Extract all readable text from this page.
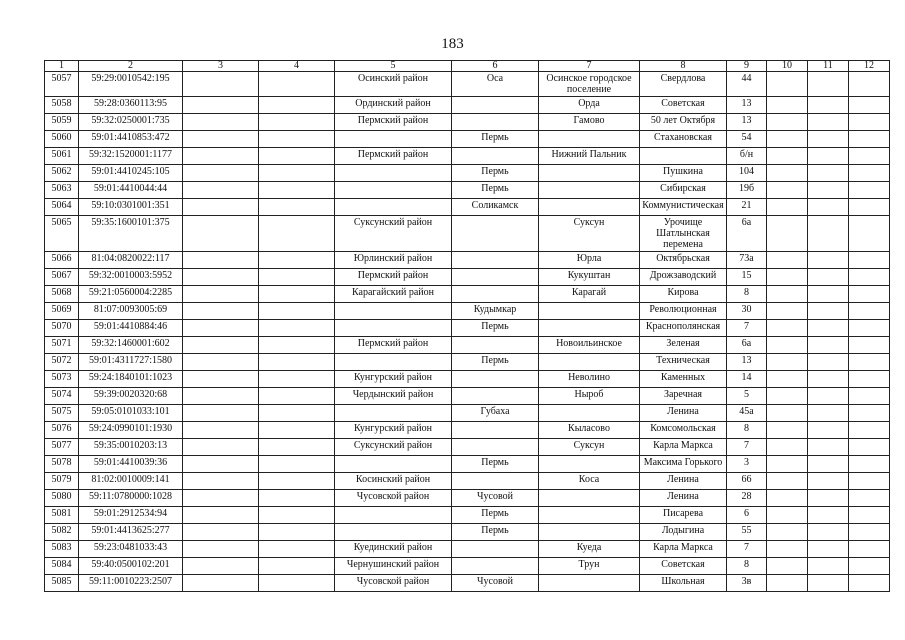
183
1	2	3	4	5	6	7	8	9	10	11	12
5057	59:29:0010542:195			Осинский район	Оса	Осинское городское поселение	Свердлова	44			
5058	59:28:0360113:95			Ординский район		Орда	Советская	13			
5059	59:32:0250001:735			Пермский район		Гамово	50 лет Октября	13			
5060	59:01:4410853:472				Пермь		Стахановская	54			
5061	59:32:1520001:1177			Пермский район		Нижний Пальник		б/н			
5062	59:01:4410245:105				Пермь		Пушкина	104			
5063	59:01:4410044:44				Пермь		Сибирская	19б			
5064	59:10:0301001:351				Соликамск		Коммунистическая	21			
5065	59:35:1600101:375			Суксунский район		Суксун	Урочище Шатлынская перемена	6а			
5066	81:04:0820022:117			Юрлинский район		Юрла	Октябрьская	73а			
5067	59:32:0010003:5952			Пермский район		Кукуштан	Дрожзаводский	15			
5068	59:21:0560004:2285			Карагайский район		Карагай	Кирова	8			
5069	81:07:0093005:69				Кудымкар		Революционная	30			
5070	59:01:4410884:46				Пермь		Краснополянская	7			
5071	59:32:1460001:602			Пермский район		Новоильинское	Зеленая	6а			
5072	59:01:4311727:1580				Пермь		Техническая	13			
5073	59:24:1840101:1023			Кунгурский район		Неволино	Каменных	14			
5074	59:39:0020320:68			Чердынский район		Ныроб	Заречная	5			
5075	59:05:0101033:101				Губаха		Ленина	45а			
5076	59:24:0990101:1930			Кунгурский район		Кыласово	Комсомольская	8			
5077	59:35:0010203:13			Суксунский район		Суксун	Карла Маркса	7			
5078	59:01:4410039:36				Пермь		Максима Горького	3			
5079	81:02:0010009:141			Косинский район		Коса	Ленина	66			
5080	59:11:0780000:1028			Чусовской район	Чусовой		Ленина	28			
5081	59:01:2912534:94				Пермь		Писарева	6			
5082	59:01:4413625:277				Пермь		Лодыгина	55			
5083	59:23:0481033:43			Куединский район		Куеда	Карла Маркса	7			
5084	59:40:0500102:201			Чернушинский район		Трун	Советская	8			
5085	59:11:0010223:2507			Чусовской район	Чусовой		Школьная	3в			
